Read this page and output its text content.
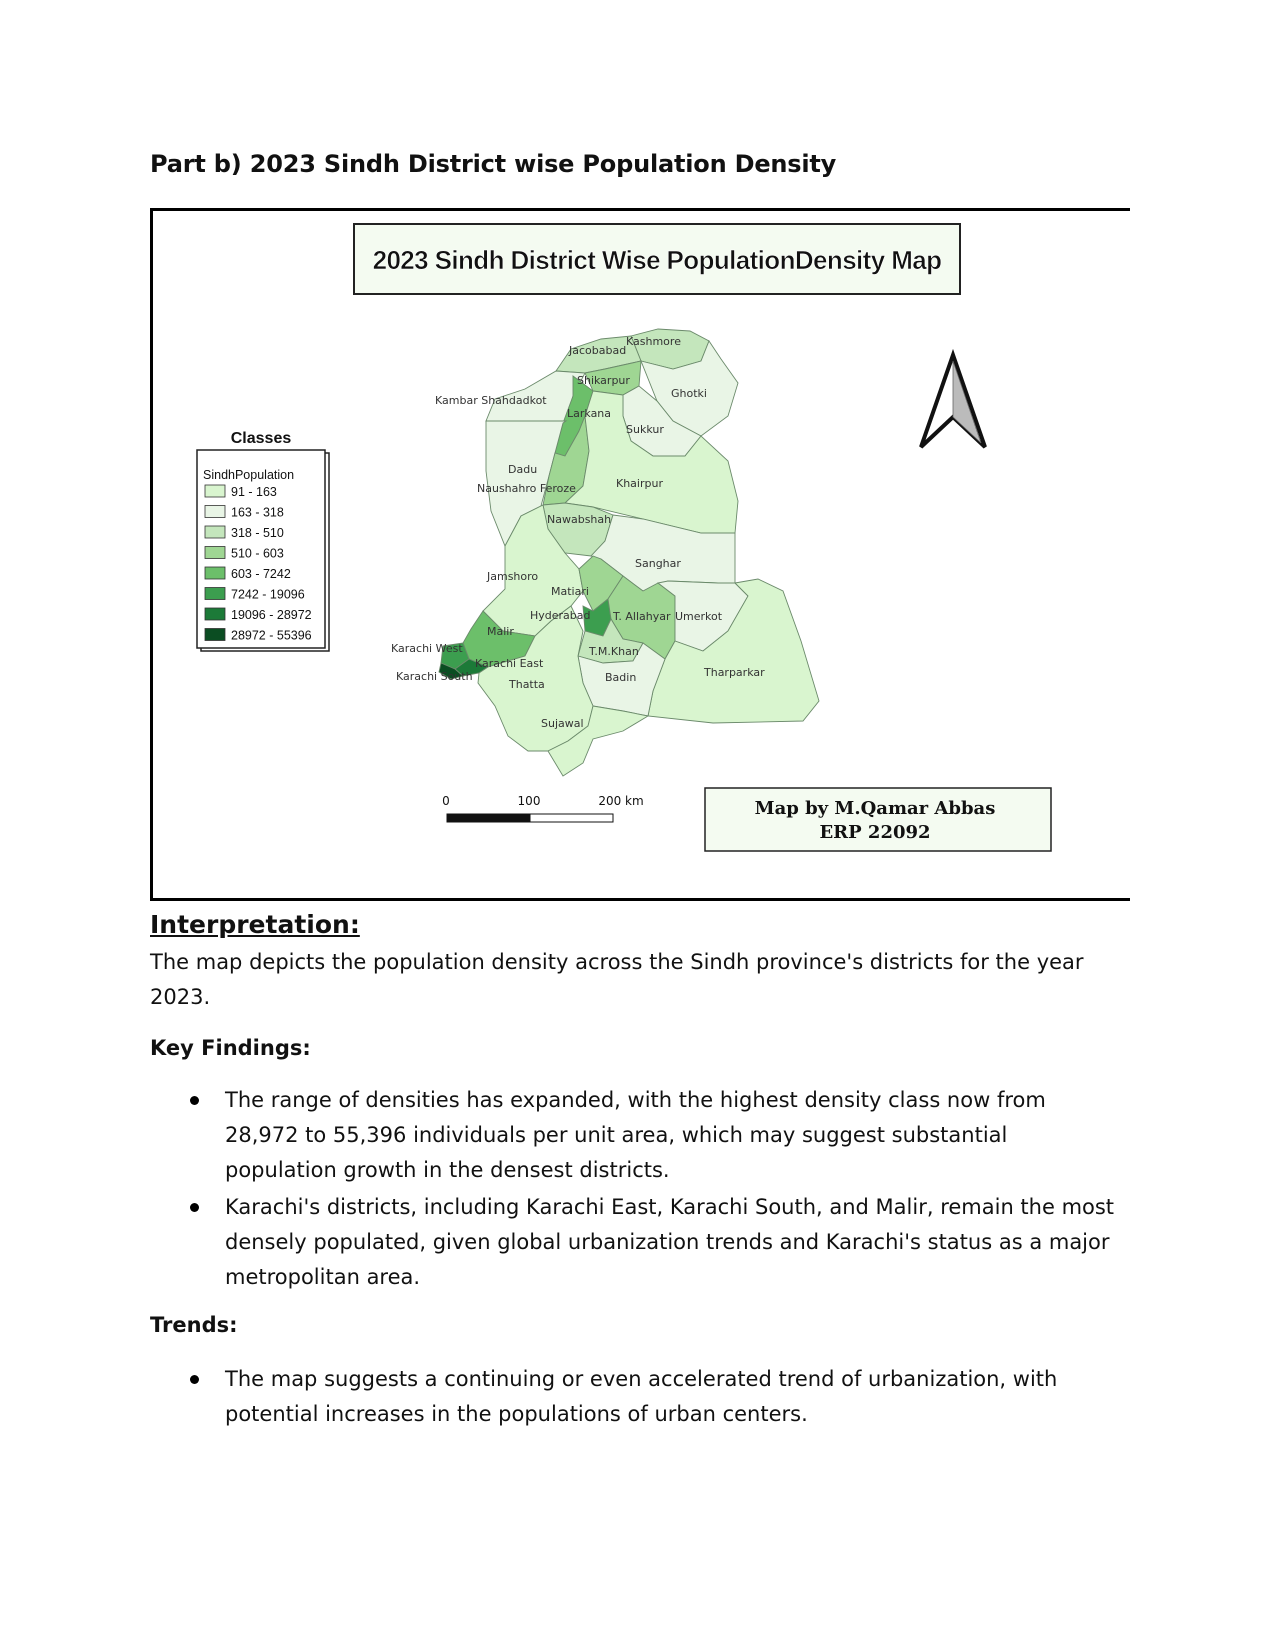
Part b) 2023 Sindh District wise Population Density
2023 Sindh District Wise PopulationDensity Map
Classes
SindhPopulation
91 - 163
163 - 318
318 - 510
510 - 603
603 - 7242
7242 - 19096
19096 - 28972
28972 - 55396
Jacobabad
Kashmore
Shikarpur
Ghotki
Kambar Shahdadkot
Larkana
Sukkur
Dadu
Naushahro Feroze	Khairpur
Nawabshah
Sanghar
Jamshoro
Matiari
Hyderabad T. Allahyar Umerkot
Malir
Karachi West
Karachi East
T.M.Khan
Karachi South	Badin	Tharparkar
Thatta
Sujawal
0	100	200 km	Map by M.Qamar Abbas
ERP 22092
Interpretation:

The map depicts the population density across the Sindh province's districts for the year 2023.

Key Findings:
The range of densities has expanded, with the highest density class now from 28,972 to 55,396 individuals per unit area, which may suggest substantial population growth in the densest districts.
Karachi's districts, including Karachi East, Karachi South, and Malir, remain the most densely populated, given global urbanization trends and Karachi's status as a major metropolitan area.
Trends:
The map suggests a continuing or even accelerated trend of urbanization, with potential increases in the populations of urban centers.
